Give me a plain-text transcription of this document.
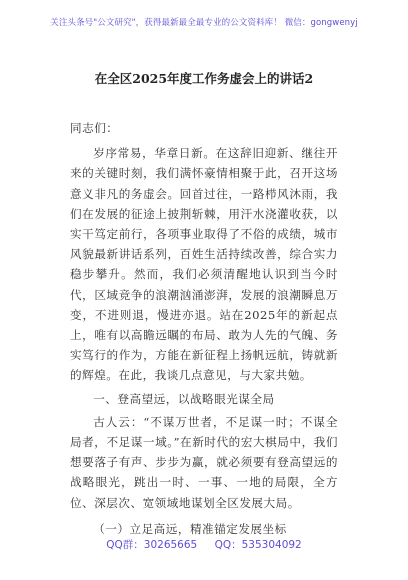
关注头条号"公文研究"，获得最新最全最专业的公文资料库！ 微信：gongwenyj
在全区2025年度工作务虚会上的讲话2

同志们：

岁序常易，华章日新。在这辞旧迎新、继往开来的关键时刻，我们满怀豪情相聚于此，召开这场意义非凡的务虚会。回首过往，一路栉风沐雨，我们在发展的征途上披荆斩棘，用汗水浇灌收获，以实干笃定前行，各项事业取得了不俗的成绩，城市风貌最新讲话系列，百姓生活持续改善，综合实力稳步攀升。然而，我们必须清醒地认识到当今时代，区域竞争的浪潮汹涌澎湃，发展的浪潮瞬息万变，不进则退，慢进亦退。站在2025年的新起点上，唯有以高瞻远瞩的布局、敢为人先的气魄、务实笃行的作为，方能在新征程上扬帆远航，铸就新的辉煌。在此，我谈几点意见，与大家共勉。

一、登高望远，以战略眼光谋全局

古人云：“不谋万世者，不足谋一时；不谋全局者，不足谋一域。”在新时代的宏大棋局中，我们想要落子有声、步步为赢，就必须要有登高望远的战略眼光，跳出一时、一事、一地的局限，全方位、深层次、宽领域地谋划全区发展大局。

（一）立足高远，精准锚定发展坐标

QQ群：30265665 QQ：535304092
